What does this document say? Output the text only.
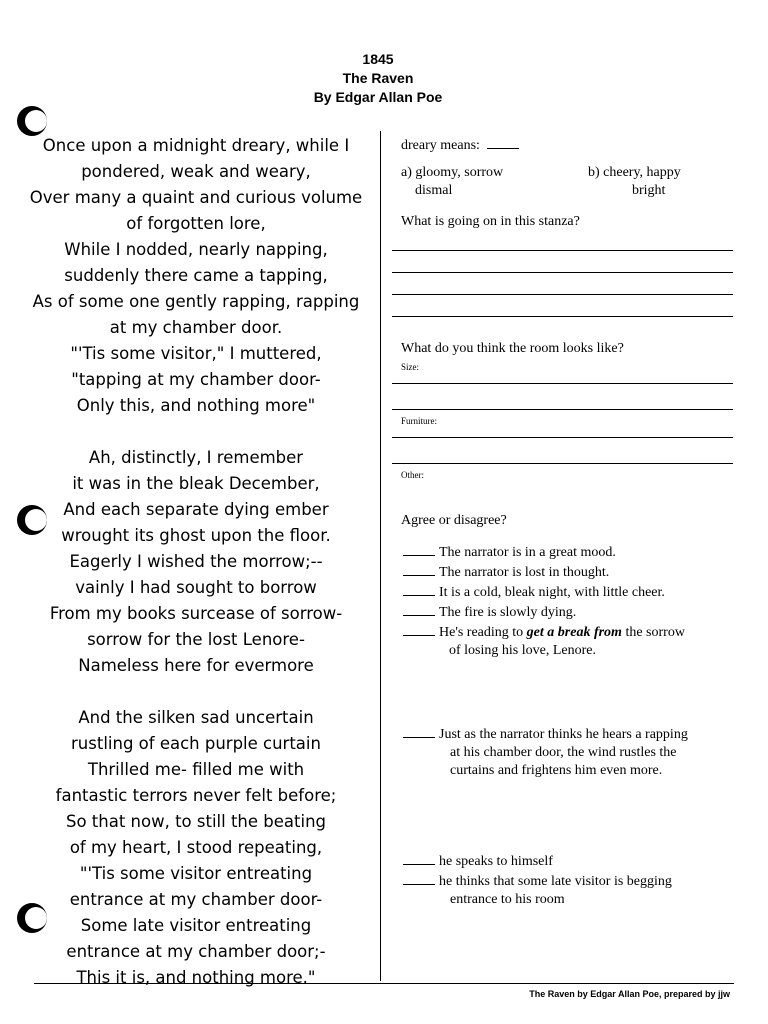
1845
The Raven
By Edgar Allan Poe
Once upon a midnight dreary, while I
pondered, weak and weary,
Over many a quaint and curious volume
of forgotten lore,
While I nodded, nearly napping,
suddenly there came a tapping,
As of some one gently rapping, rapping
at my chamber door.
"'Tis some visitor," I muttered,
"tapping at my chamber door-
Only this, and nothing more"
Ah, distinctly, I remember
it was in the bleak December,
And each separate dying ember
wrought its ghost upon the floor.
Eagerly I wished the morrow;--
vainly I had sought to borrow
From my books surcease of sorrow-
sorrow for the lost Lenore-
Nameless here for evermore
And the silken sad uncertain
rustling of each purple curtain
Thrilled me- filled me with
fantastic terrors never felt before;
So that now, to still the beating
of my heart, I stood repeating,
"'Tis some visitor entreating
entrance at my chamber door-
Some late visitor entreating
entrance at my chamber door;-
This it is, and nothing more."
dreary means:
a) gloomy, sorrow
dismal
b) cheery, happy
bright
What is going on in this stanza?
What do you think the room looks like?
Size:
Furniture:
Other:
Agree or disagree?
The narrator is in a great mood.
The narrator is lost in thought.
It is a cold, bleak night, with little cheer.
The fire is slowly dying.
He's reading to get a break from the sorrow
of losing his love, Lenore.
Just as the narrator thinks he hears a rapping
at his chamber door, the wind rustles the
curtains and frightens him even more.
he speaks to himself
he thinks that some late visitor is begging
entrance to his room
The Raven by Edgar Allan Poe, prepared by jjw
